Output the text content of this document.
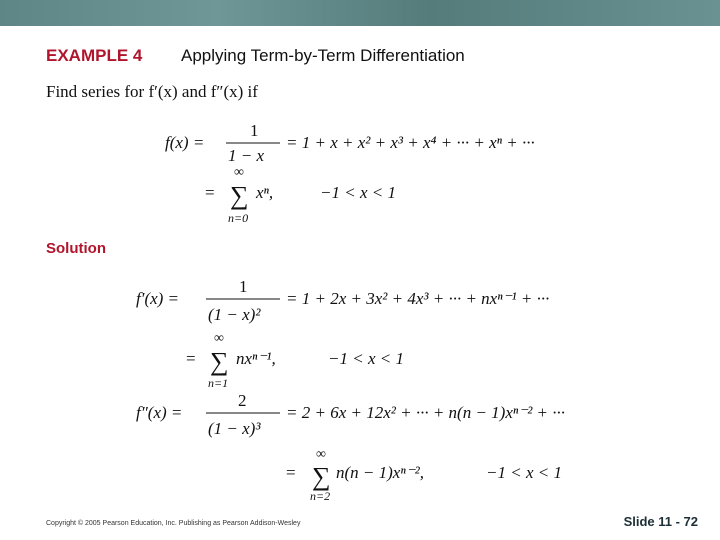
EXAMPLE 4 Applying Term-by-Term Differentiation
Find series for f′(x) and f″(x) if
f(x) =
1
1 − x
= 1 + x + x² + x³ + x⁴ + ··· + xⁿ + ···
=
∞
∑
n=0
xⁿ,	−1 < x < 1
Solution
f′(x) =
1
(1 − x)²
= 1 + 2x + 3x² + 4x³ + ··· + nxⁿ⁻¹ + ···
=
∞
∑
n=1
nxⁿ⁻¹,	−1 < x < 1
f″(x) =
2
(1 − x)³
= 2 + 6x + 12x² + ··· + n(n − 1)xⁿ⁻² + ···
=
∞
∑
n=2
n(n − 1)xⁿ⁻²,	−1 < x < 1
Copyright © 2005 Pearson Education, Inc. Publishing as Pearson Addison-Wesley	Slide 11 - 72
